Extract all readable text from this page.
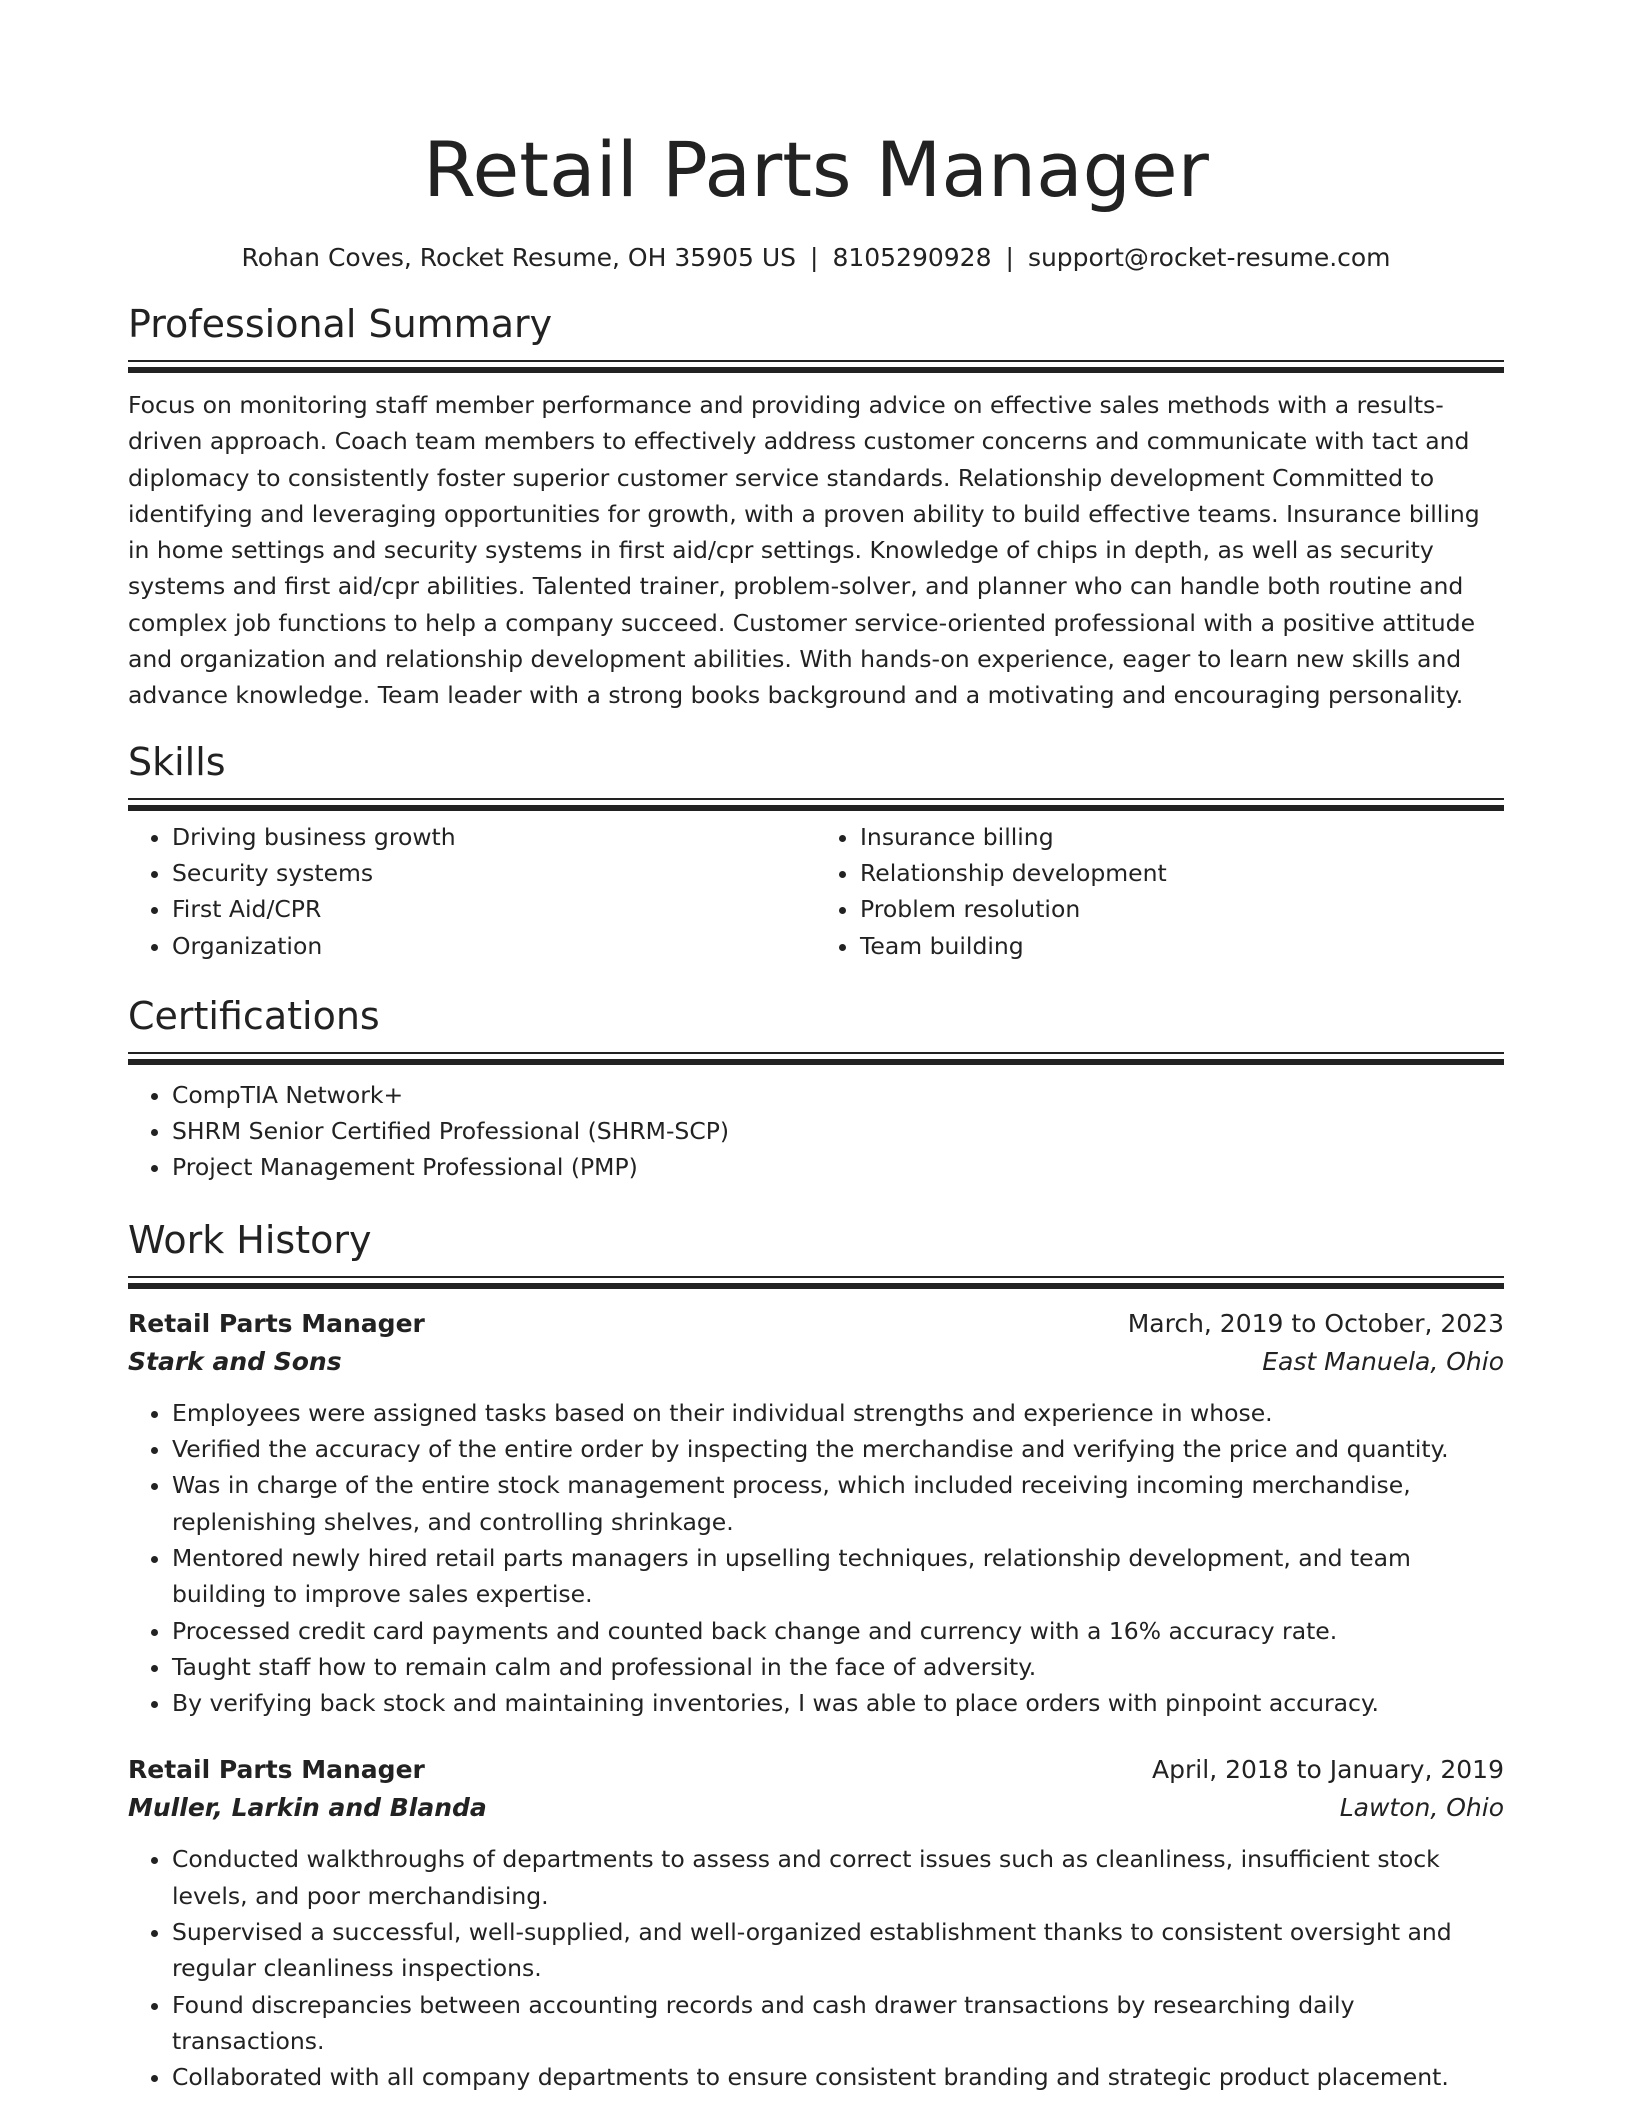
Retail Parts Manager
Rohan Coves, Rocket Resume, OH 35905 US | 8105290928 | support@rocket-resume.com
Professional Summary

Focus on monitoring staff member performance and providing advice on effective sales methods with a results-driven approach. Coach team members to effectively address customer concerns and communicate with tact and diplomacy to consistently foster superior customer service standards. Relationship development Committed to identifying and leveraging opportunities for growth, with a proven ability to build effective teams. Insurance billing in home settings and security systems in first aid/cpr settings. Knowledge of chips in depth, as well as security systems and first aid/cpr abilities. Talented trainer, problem-solver, and planner who can handle both routine and complex job functions to help a company succeed. Customer service-oriented professional with a positive attitude and organization and relationship development abilities. With hands-on experience, eager to learn new skills and advance knowledge. Team leader with a strong books background and a motivating and encouraging personality.

Skills
• Driving business growth
• Security systems
• First Aid/CPR
• Organization
• Insurance billing
• Relationship development
• Problem resolution
• Team building
Certifications
• CompTIA Network+
• SHRM Senior Certified Professional (SHRM-SCP)
• Project Management Professional (PMP)
Work History
Retail Parts Manager	March, 2019 to October, 2023
Stark and Sons	East Manuela, Ohio
• Employees were assigned tasks based on their individual strengths and experience in whose.
• Verified the accuracy of the entire order by inspecting the merchandise and verifying the price and quantity.
• Was in charge of the entire stock management process, which included receiving incoming merchandise, replenishing shelves, and controlling shrinkage.
• Mentored newly hired retail parts managers in upselling techniques, relationship development, and team building to improve sales expertise.
• Processed credit card payments and counted back change and currency with a 16% accuracy rate.
• Taught staff how to remain calm and professional in the face of adversity.
• By verifying back stock and maintaining inventories, I was able to place orders with pinpoint accuracy.
Retail Parts Manager	April, 2018 to January, 2019
Muller, Larkin and Blanda	Lawton, Ohio
• Conducted walkthroughs of departments to assess and correct issues such as cleanliness, insufficient stock levels, and poor merchandising.
• Supervised a successful, well-supplied, and well-organized establishment thanks to consistent oversight and regular cleanliness inspections.
• Found discrepancies between accounting records and cash drawer transactions by researching daily transactions.
• Collaborated with all company departments to ensure consistent branding and strategic product placement.
